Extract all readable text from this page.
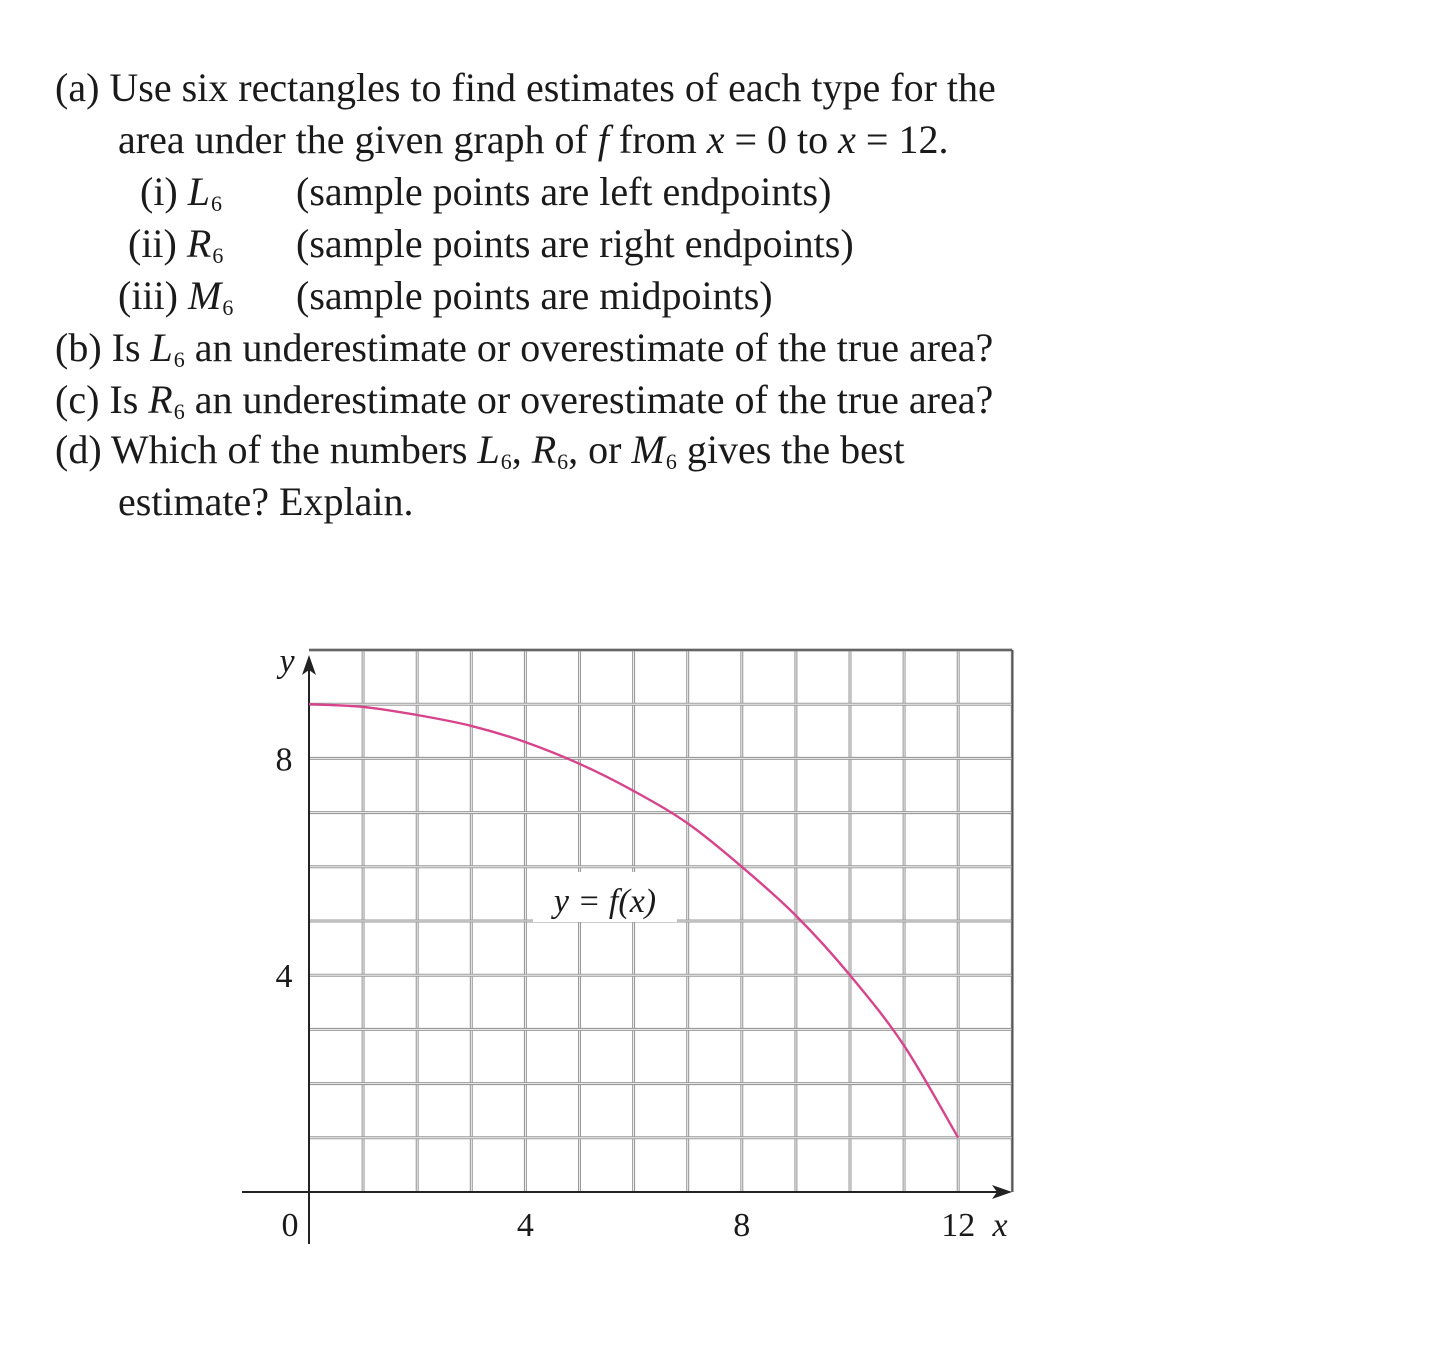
(a) Use six rectangles to find estimates of each type for the
area under the given graph of f from x = 0 to x = 12.
(i) L6 (sample points are left endpoints)
(ii) R6 (sample points are right endpoints)
(iii) M6 (sample points are midpoints)
(b) Is L6 an underestimate or overestimate of the true area?
(c) Is R6 an underestimate or overestimate of the true area?
(d) Which of the numbers L6, R6, or M6 gives the best
estimate? Explain.
0	4	8	12 x
4
8
y
y = f(x)
